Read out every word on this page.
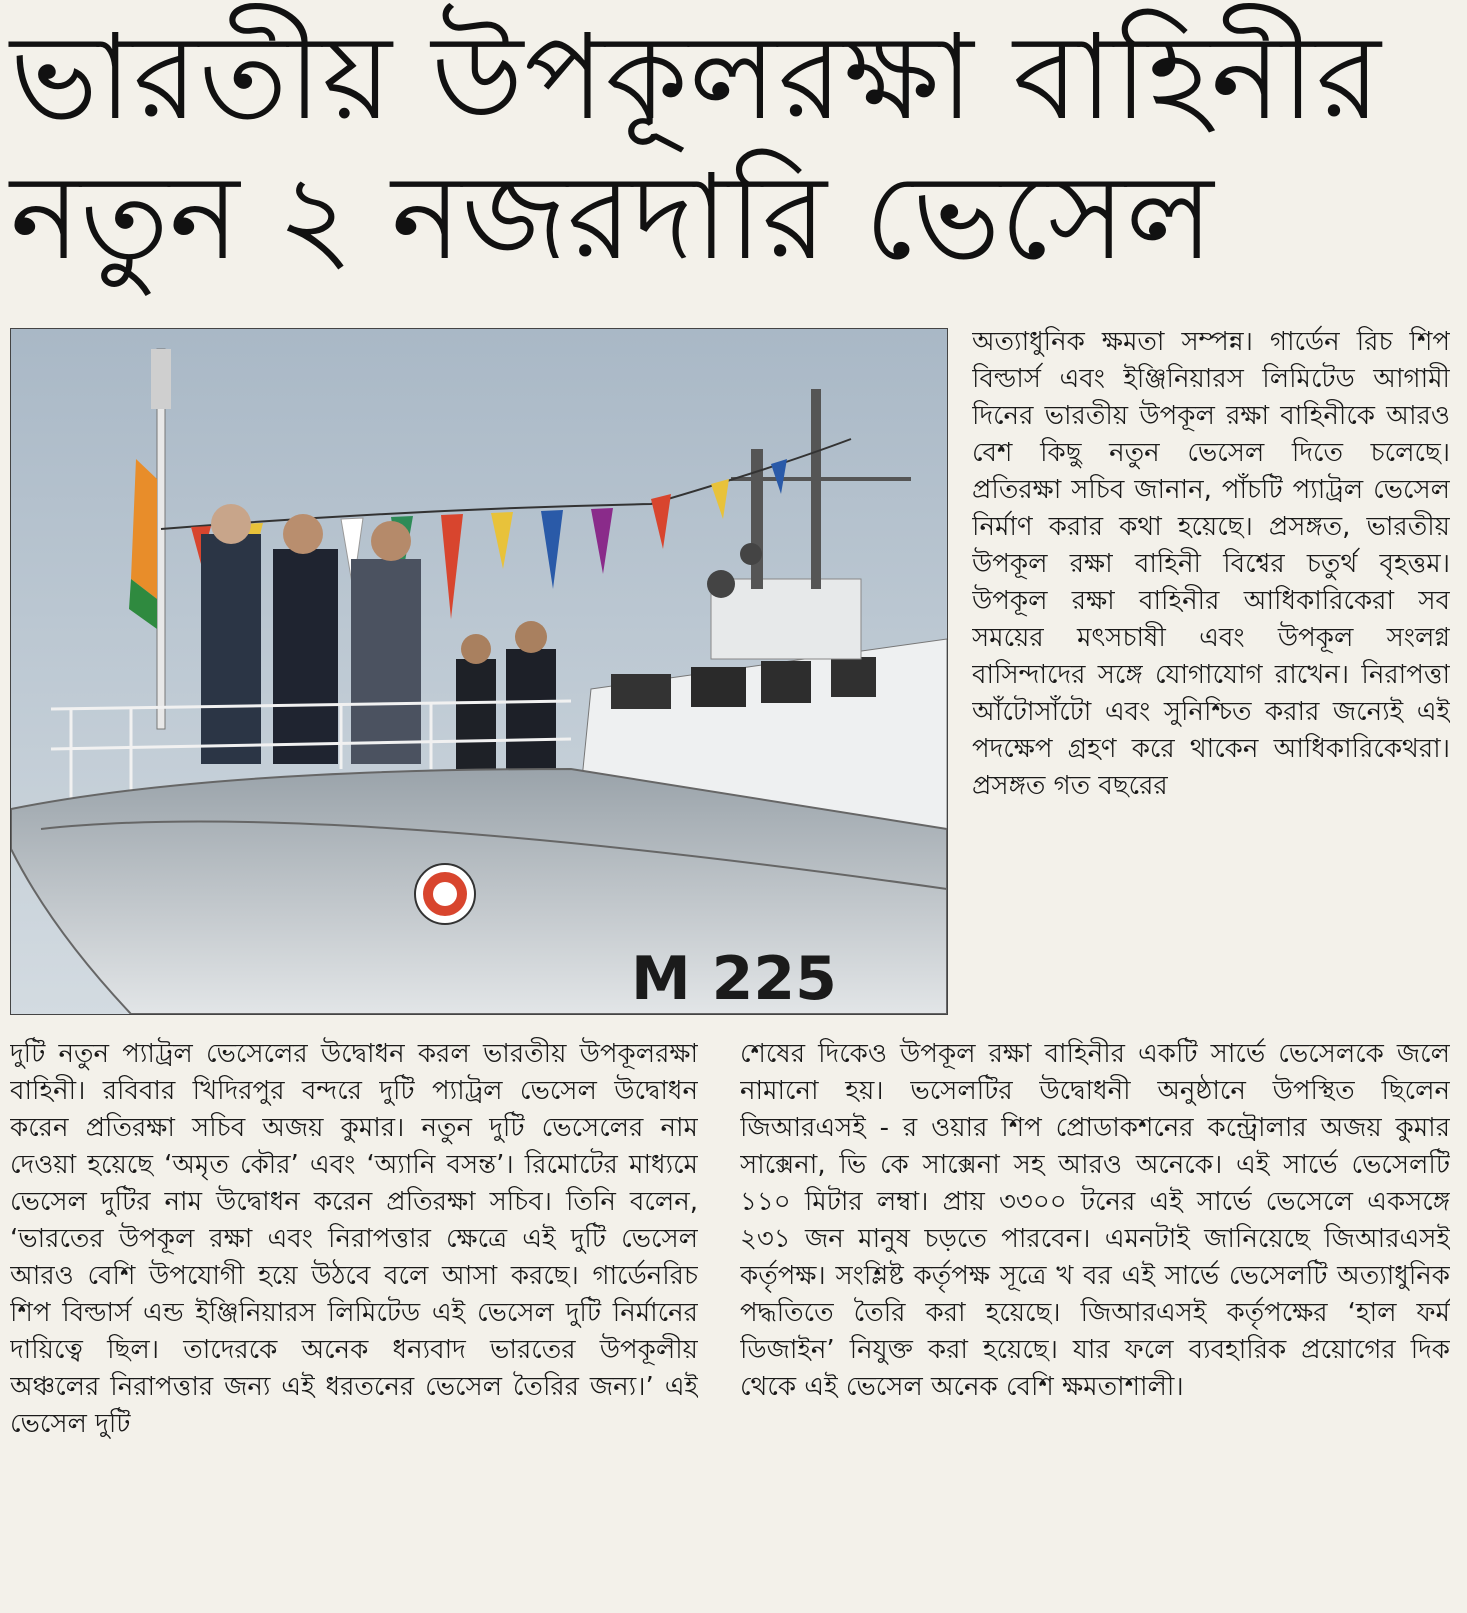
ভারতীয় উপকূলরক্ষা বাহিনীর
নতুন ২ নজরদারি ভেসেল
M 225

অত্যাধুনিক ক্ষমতা সম্পন্ন। গার্ডেন রিচ শিপ বিল্ডার্স এবং ইঞ্জিনিয়ারস লিমিটেড আগামী দিনের ভারতীয় উপকূল রক্ষা বাহিনীকে আরও বেশ কিছু নতুন ভেসেল দিতে চলেছে। প্রতিরক্ষা সচিব জানান, পাঁচটি প্যাট্রল ভেসেল নির্মাণ করার কথা হয়েছে। প্রসঙ্গত, ভারতীয় উপকূল রক্ষা বাহিনী বিশ্বের চতুর্থ বৃহত্তম। উপকূল রক্ষা বাহিনীর আধিকারিকেরা সব সময়ের মৎসচাষী এবং উপকূল সংলগ্ন বাসিন্দাদের সঙ্গে যোগাযোগ রাখেন। নিরাপত্তা আঁটোসাঁটো এবং সুনিশ্চিত করার জন্যেই এই পদক্ষেপ গ্রহণ করে থাকেন আধিকারিকেথরা। প্রসঙ্গত গত বছরের

দুটি নতুন প্যাট্রল ভেসেলের উদ্বোধন করল ভারতীয় উপকূলরক্ষা বাহিনী। রবিবার খিদিরপুর বন্দরে দুটি প্যাট্রল ভেসেল উদ্বোধন করেন প্রতিরক্ষা সচিব অজয় কুমার। নতুন দুটি ভেসেলের নাম দেওয়া হয়েছে ‘অমৃত কৌর’ এবং ‘অ্যানি বসন্ত’। রিমোটের মাধ্যমে ভেসেল দুটির নাম উদ্বোধন করেন প্রতিরক্ষা সচিব। তিনি বলেন, ‘ভারতের উপকূল রক্ষা এবং নিরাপত্তার ক্ষেত্রে এই দুটি ভেসেল আরও বেশি উপযোগী হয়ে উঠবে বলে আসা করছে। গার্ডেনরিচ শিপ বিল্ডার্স এন্ড ইঞ্জিনিয়ারস লিমিটেড এই ভেসেল দুটি নির্মানের দায়িত্বে ছিল। তাদেরকে অনেক ধন্যবাদ ভারতের উপকূলীয় অঞ্চলের নিরাপত্তার জন্য এই ধরতনের ভেসেল তৈরির জন্য।’ এই ভেসেল দুটি

শেষের দিকেও উপকূল রক্ষা বাহিনীর একটি সার্ভে ভেসেলকে জলে নামানো হয়। ভসেলটির উদ্বোধনী অনুষ্ঠানে উপস্থিত ছিলেন জিআরএসই - র ওয়ার শিপ প্রোডাকশনের কন্ট্রোলার অজয় কুমার সাক্সেনা, ভি কে সাক্সেনা সহ আরও অনেকে। এই সার্ভে ভেসেলটি ১১০ মিটার লম্বা। প্রায় ৩৩০০ টনের এই সার্ভে ভেসেলে একসঙ্গে ২৩১ জন মানুষ চড়তে পারবেন। এমনটাই জানিয়েছে জিআরএসই কর্তৃপক্ষ। সংশ্লিষ্ট কর্তৃপক্ষ সূত্রে খ বর এই সার্ভে ভেসেলটি অত্যাধুনিক পদ্ধতিতে তৈরি করা হয়েছে। জিআরএসই কর্তৃপক্ষের ‘হাল ফর্ম ডিজাইন’ নিযুক্ত করা হয়েছে। যার ফলে ব্যবহারিক প্রয়োগের দিক থেকে এই ভেসেল অনেক বেশি ক্ষমতাশালী।
